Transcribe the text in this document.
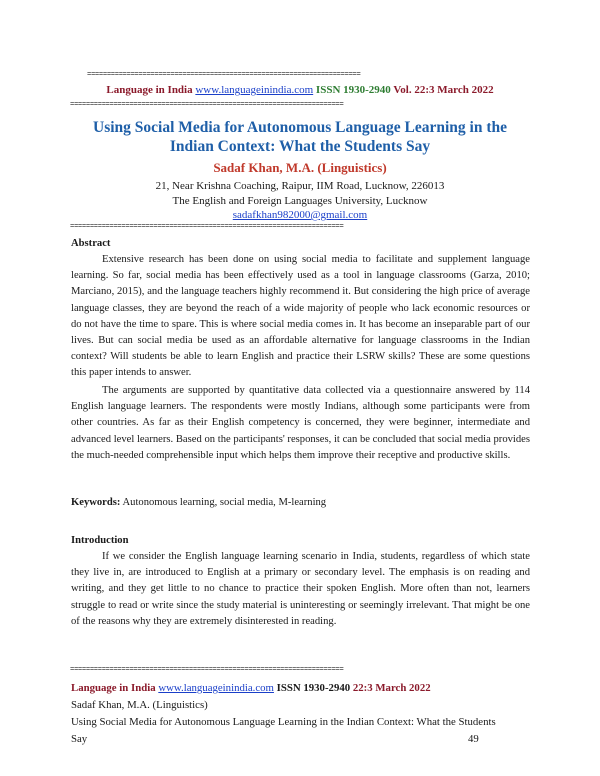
=====================================================================
Language in India www.languageinindia.com ISSN 1930-2940 Vol. 22:3 March 2022
=====================================================================
Using Social Media for Autonomous Language Learning in the
Indian Context: What the Students Say
Sadaf Khan, M.A. (Linguistics)
21, Near Krishna Coaching, Raipur, IIM Road, Lucknow, 226013
The English and Foreign Languages University, Lucknow
sadafkhan982000@gmail.com
=====================================================================
Abstract
Extensive research has been done on using social media to facilitate and supplement language learning. So far, social media has been effectively used as a tool in language classrooms (Garza, 2010; Marciano, 2015), and the language teachers highly recommend it. But considering the high price of average language classes, they are beyond the reach of a wide majority of people who lack economic resources or do not have the time to spare. This is where social media comes in. It has become an inseparable part of our lives. But can social media be used as an affordable alternative for language classrooms in the Indian context? Will students be able to learn English and practice their LSRW skills? These are some questions this paper intends to answer.
The arguments are supported by quantitative data collected via a questionnaire answered by 114 English language learners. The respondents were mostly Indians, although some participants were from other countries. As far as their English competency is concerned, they were beginner, intermediate and advanced level learners. Based on the participants' responses, it can be concluded that social media provides the much-needed comprehensible input which helps them improve their receptive and productive skills.
Keywords: Autonomous learning, social media, M-learning
Introduction
If we consider the English language learning scenario in India, students, regardless of which state they live in, are introduced to English at a primary or secondary level. The emphasis is on reading and writing, and they get little to no chance to practice their spoken English. More often than not, learners struggle to read or write since the study material is uninteresting or seemingly irrelevant. That might be one of the reasons why they are extremely disinterested in reading.
=====================================================================
Language in India www.languageinindia.com ISSN 1930-2940 22:3 March 2022
Sadaf Khan, M.A. (Linguistics)
Using Social Media for Autonomous Language Learning in the Indian Context: What the Students
Say	49
